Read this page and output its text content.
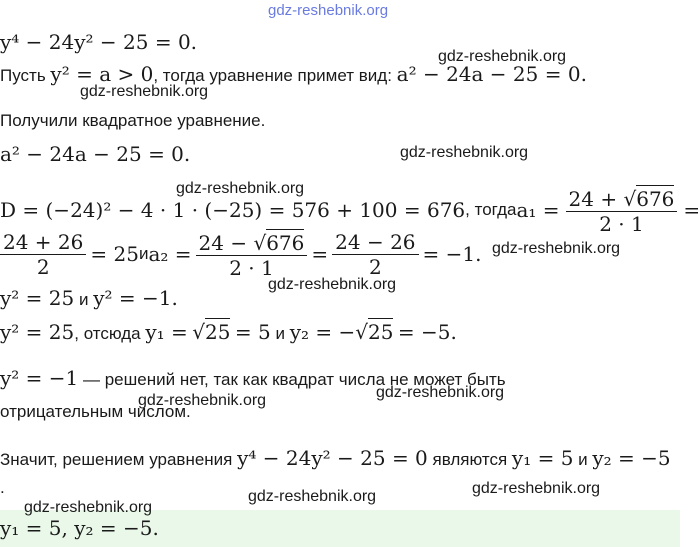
gdz-reshebnik.org
y⁴ − 24y² − 25 = 0.
Пусть y² = a > 0, тогда уравнение примет вид: a² − 24a − 25 = 0.
gdz-reshebnik.org
gdz-reshebnik.org
Получили квадратное уравнение.
a² − 24a − 25 = 0.	gdz-reshebnik.org
gdz-reshebnik.org
D = (−24)² − 4 · 1 · (−25) = 576 + 100 = 676 , тогда $a_1 = \frac{24 + √676}{2 \cdot 1}$ =
$\frac{24 + 26}{2} = 25$ и $a_2 = \frac{24 - √676}{2 \cdot 1} = \frac{24 - 26}{2} = -1$. gdz-reshebnik.org
y² = 25 и y² = −1.
gdz-reshebnik.org
y² = 25, отсюда y₁ = √25 = 5 и y₂ = −√25 = −5.
y² = −1 — решений нет, так как квадрат числа не может быть
отрицательным числом.
gdz-reshebnik.org	gdz-reshebnik.org
Значит, решением уравнения y⁴ − 24y² − 25 = 0 являются y₁ = 5 и y₂ = −5
.	gdz-reshebnik.org
gdz-reshebnik.org
y₁ = 5, y₂ = −5.
gdz-reshebnik.org
